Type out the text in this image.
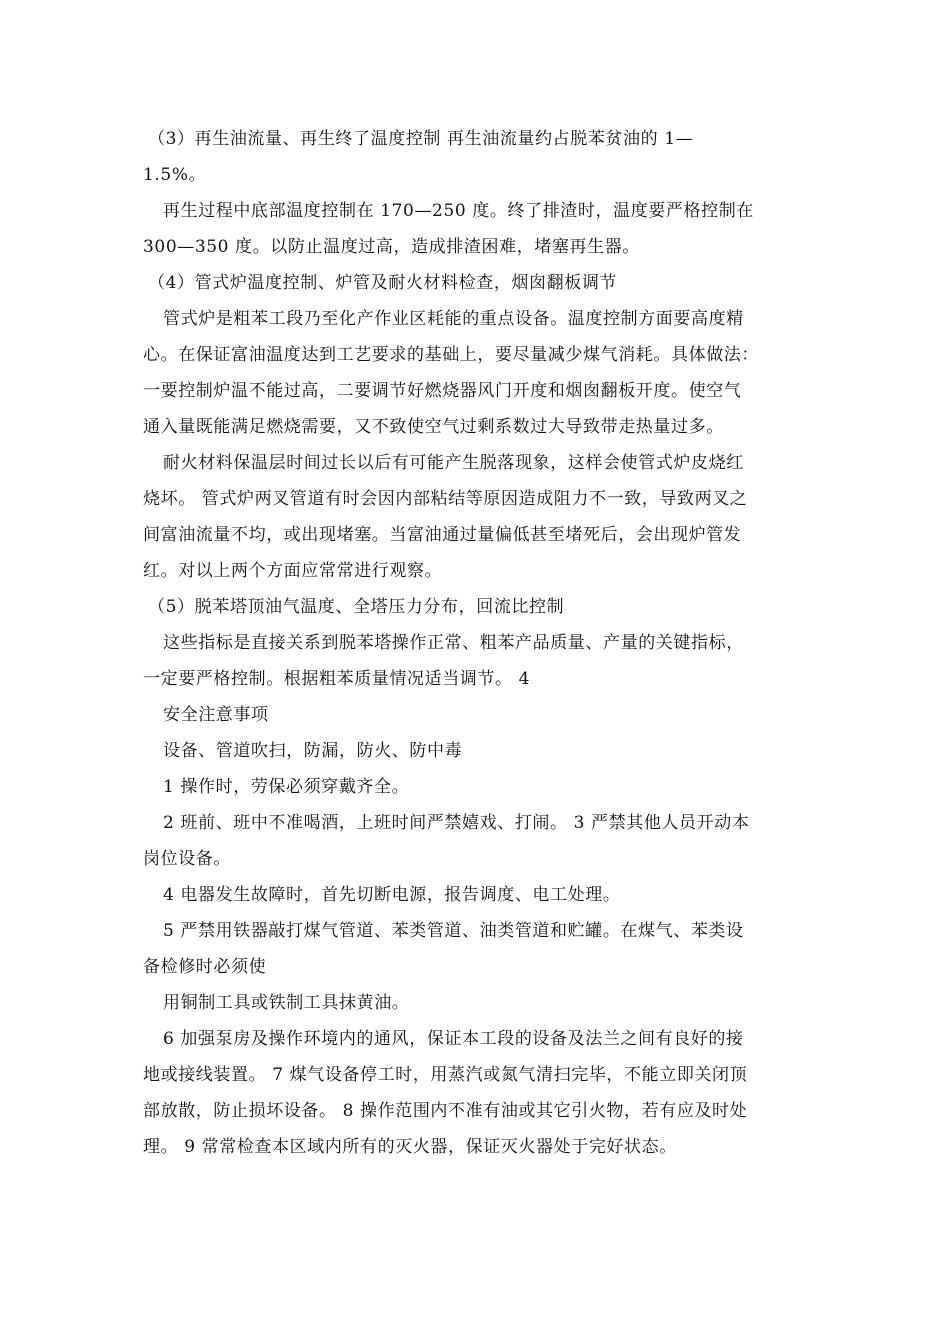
（3）再生油流量、再生终了温度控制 再生油流量约占脱苯贫油的 1—
1.5%。
再生过程中底部温度控制在 170—250 度。终了排渣时，温度要严格控制在
300—350 度。以防止温度过高，造成排渣困难，堵塞再生器。
（4）管式炉温度控制、炉管及耐火材料检查，烟囱翻板调节
管式炉是粗苯工段乃至化产作业区耗能的重点设备。温度控制方面要高度精
心。在保证富油温度达到工艺要求的基础上，要尽量减少煤气消耗。具体做法：
一要控制炉温不能过高，二要调节好燃烧器风门开度和烟囱翻板开度。使空气
通入量既能满足燃烧需要，又不致使空气过剩系数过大导致带走热量过多。
耐火材料保温层时间过长以后有可能产生脱落现象，这样会使管式炉皮烧红
烧坏。 管式炉两叉管道有时会因内部粘结等原因造成阻力不一致，导致两叉之
间富油流量不均，或出现堵塞。当富油通过量偏低甚至堵死后，会出现炉管发
红。对以上两个方面应常常进行观察。
（5）脱苯塔顶油气温度、全塔压力分布，回流比控制
这些指标是直接关系到脱苯塔操作正常、粗苯产品质量、产量的关键指标，
一定要严格控制。根据粗苯质量情况适当调节。 4
安全注意事项
设备、管道吹扫，防漏，防火、防中毒
1 操作时，劳保必须穿戴齐全。
2 班前、班中不准喝酒，上班时间严禁嬉戏、打闹。 3 严禁其他人员开动本
岗位设备。
4 电器发生故障时，首先切断电源，报告调度、电工处理。
5 严禁用铁器敲打煤气管道、苯类管道、油类管道和贮罐。在煤气、苯类设
备检修时必须使
用铜制工具或铁制工具抹黄油。
6 加强泵房及操作环境内的通风，保证本工段的设备及法兰之间有良好的接
地或接线装置。 7 煤气设备停工时，用蒸汽或氮气清扫完毕，不能立即关闭顶
部放散，防止损坏设备。 8 操作范围内不准有油或其它引火物，若有应及时处
理。 9 常常检查本区域内所有的灭火器，保证灭火器处于完好状态。
